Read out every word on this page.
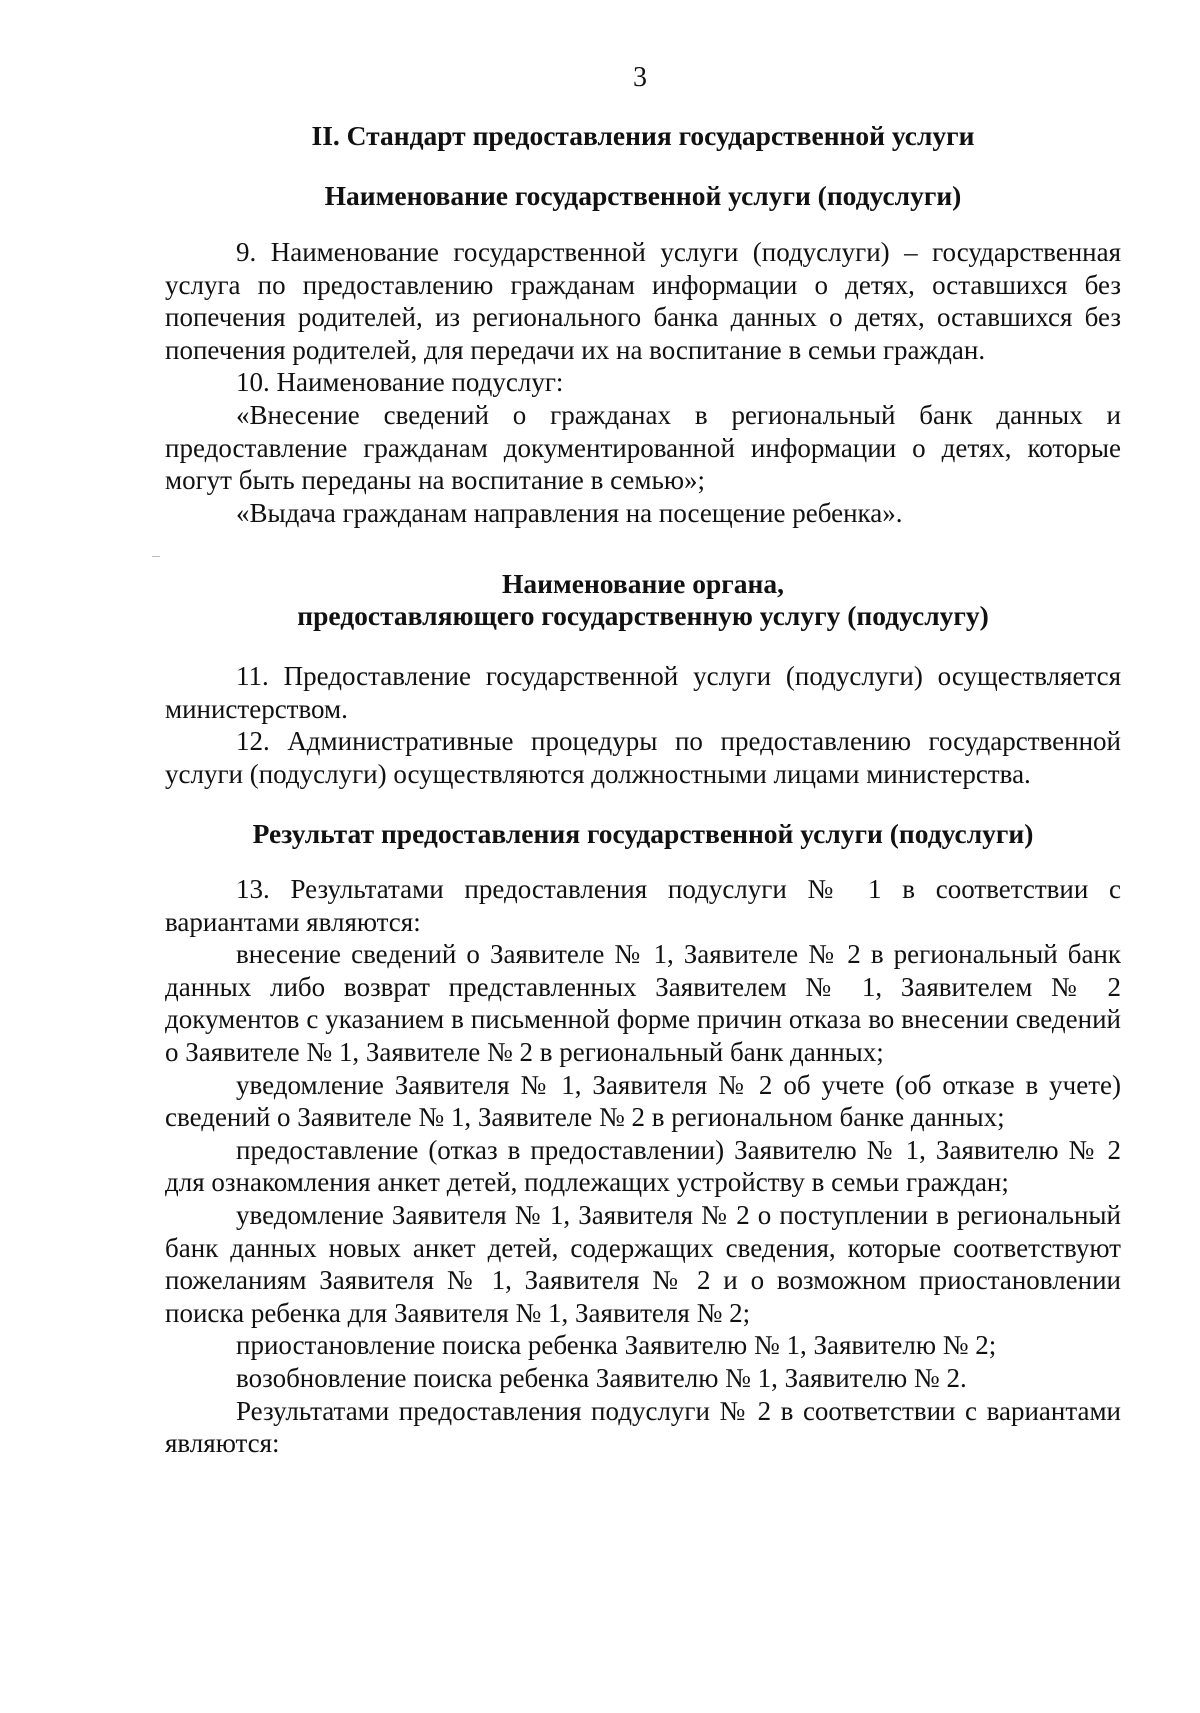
3
II. Стандарт предоставления государственной услуги
Наименование государственной услуги (подуслуги)

9. Наименование государственной услуги (подуслуги) – государственная услуга по предоставлению гражданам информации о детях, оставшихся без попечения родителей, из регионального банка данных о детях, оставшихся без попечения родителей, для передачи их на воспитание в семьи граждан.

10. Наименование подуслуг:

«Внесение сведений о гражданах в региональный банк данных и предоставление гражданам документированной информации о детях, которые могут быть переданы на воспитание в семью»;

«Выдача гражданам направления на посещение ребенка».

Наименование органа,
предоставляющего государственную услугу (подуслугу)

11. Предоставление государственной услуги (подуслуги) осуществляется министерством.

12. Административные процедуры по предоставлению государственной услуги (подуслуги) осуществляются должностными лицами министерства.

Результат предоставления государственной услуги (подуслуги)

13. Результатами предоставления подуслуги № 1 в соответствии с вариантами являются:

внесение сведений о Заявителе № 1, Заявителе № 2 в региональный банк данных либо возврат представленных Заявителем № 1, Заявителем № 2 документов с указанием в письменной форме причин отказа во внесении сведений о Заявителе № 1, Заявителе № 2 в региональный банк данных;

уведомление Заявителя № 1, Заявителя № 2 об учете (об отказе в учете) сведений о Заявителе № 1, Заявителе № 2 в региональном банке данных;

предоставление (отказ в предоставлении) Заявителю № 1, Заявителю № 2 для ознакомления анкет детей, подлежащих устройству в семьи граждан;

уведомление Заявителя № 1, Заявителя № 2 о поступлении в региональный банк данных новых анкет детей, содержащих сведения, которые соответствуют пожеланиям Заявителя № 1, Заявителя № 2 и о возможном приостановлении поиска ребенка для Заявителя № 1, Заявителя № 2;

приостановление поиска ребенка Заявителю № 1, Заявителю № 2;

возобновление поиска ребенка Заявителю № 1, Заявителю № 2.

Результатами предоставления подуслуги № 2 в соответствии с вариантами являются:
